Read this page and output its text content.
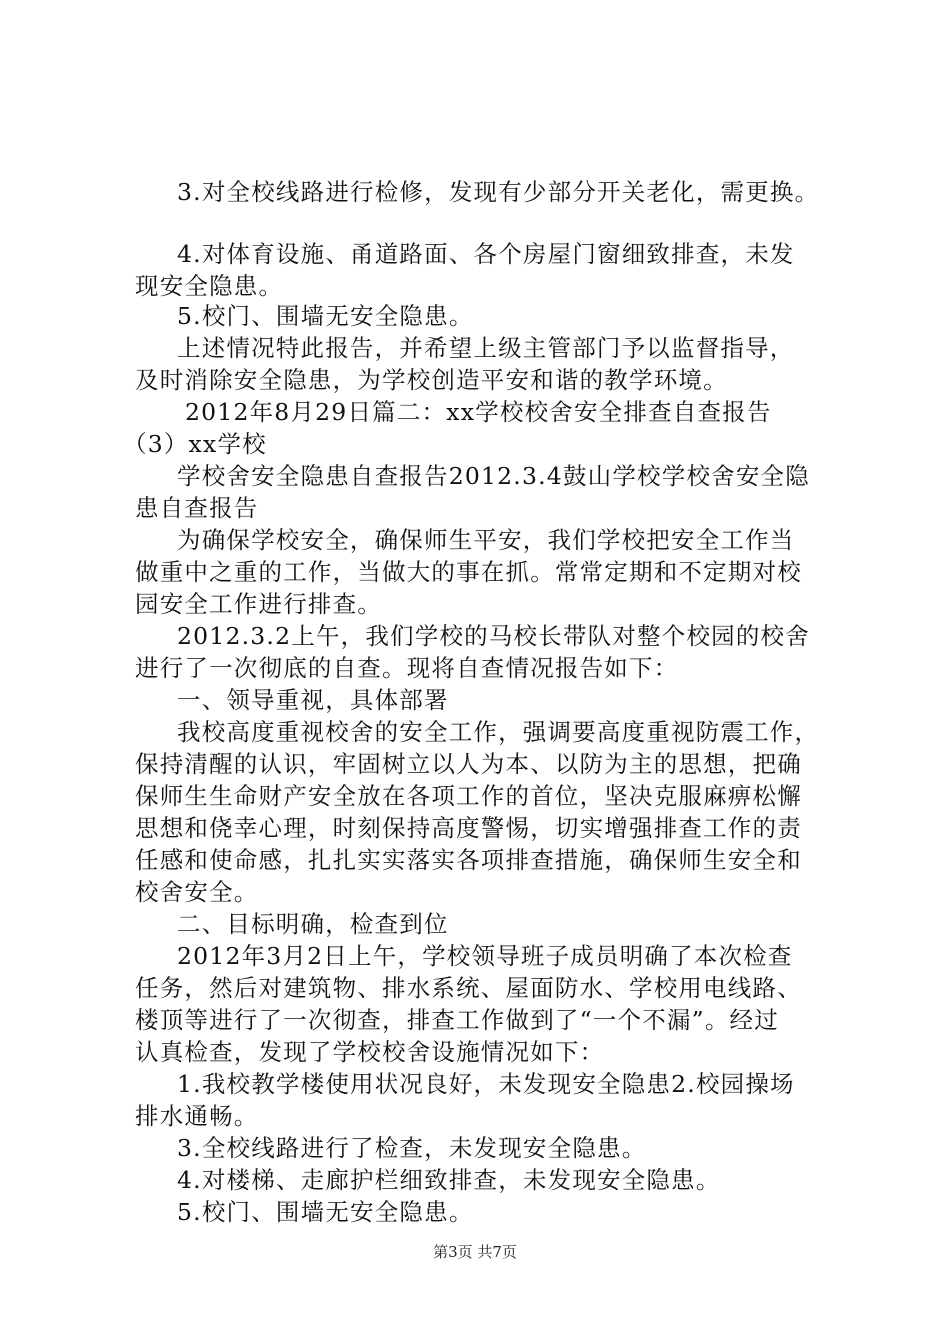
3.对全校线路进行检修，发现有少部分开关老化，需更换。
4.对体育设施、甬道路面、各个房屋门窗细致排查，未发
现安全隐患。
5.校门、围墙无安全隐患。
上述情况特此报告，并希望上级主管部门予以监督指导，
及时消除安全隐患，为学校创造平安和谐的教学环境。
2012年8月29日篇二：xx学校校舍安全排查自查报告
（3）xx学校
学校舍安全隐患自查报告2012.3.4鼓山学校学校舍安全隐
患自查报告
为确保学校安全，确保师生平安，我们学校把安全工作当
做重中之重的工作，当做大的事在抓。常常定期和不定期对校
园安全工作进行排查。
2012.3.2上午，我们学校的马校长带队对整个校园的校舍
进行了一次彻底的自查。现将自查情况报告如下：
一、领导重视，具体部署
我校高度重视校舍的安全工作，强调要高度重视防震工作，
保持清醒的认识，牢固树立以人为本、以防为主的思想，把确
保师生生命财产安全放在各项工作的首位，坚决克服麻痹松懈
思想和侥幸心理，时刻保持高度警惕，切实增强排查工作的责
任感和使命感，扎扎实实落实各项排查措施，确保师生安全和
校舍安全。
二、目标明确，检查到位
2012年3月2日上午，学校领导班子成员明确了本次检查
任务，然后对建筑物、排水系统、屋面防水、学校用电线路、
楼顶等进行了一次彻查，排查工作做到了“一个不漏”。经过
认真检查，发现了学校校舍设施情况如下：
1.我校教学楼使用状况良好，未发现安全隐患2.校园操场
排水通畅。
3.全校线路进行了检查，未发现安全隐患。
4.对楼梯、走廊护栏细致排查，未发现安全隐患。
5.校门、围墙无安全隐患。
第3页 共7页
